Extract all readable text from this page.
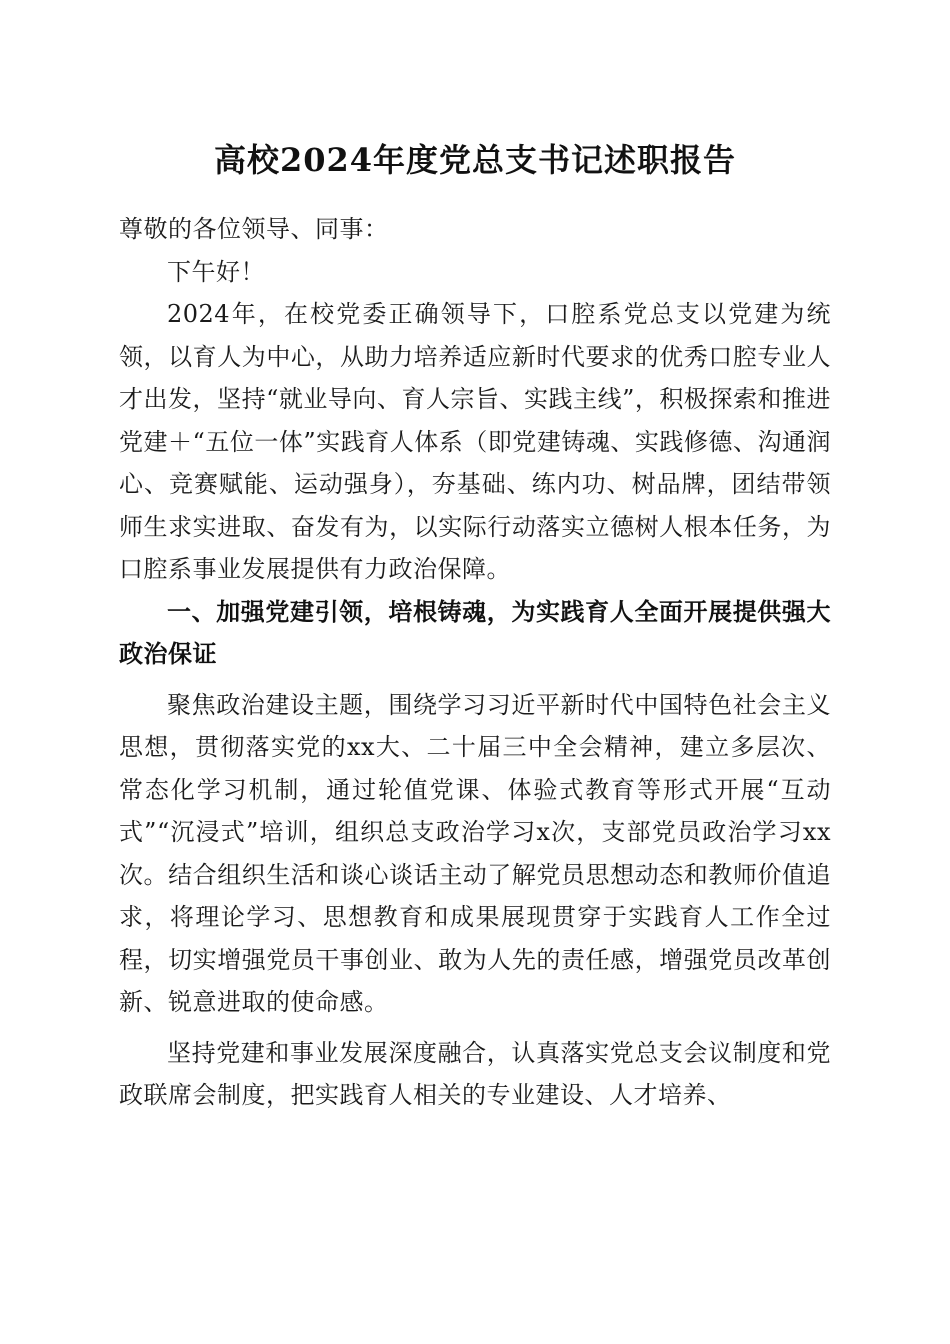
高校2024年度党总支书记述职报告

尊敬的各位领导、同事：

下午好！

2024年，在校党委正确领导下，口腔系党总支以党建为统领，以育人为中心，从助力培养适应新时代要求的优秀口腔专业人才出发，坚持“就业导向、育人宗旨、实践主线”，积极探索和推进党建＋“五位一体”实践育人体系（即党建铸魂、实践修德、沟通润心、竞赛赋能、运动强身），夯基础、练内功、树品牌，团结带领师生求实进取、奋发有为，以实际行动落实立德树人根本任务，为口腔系事业发展提供有力政治保障。

一、加强党建引领，培根铸魂，为实践育人全面开展提供强大政治保证

聚焦政治建设主题，围绕学习习近平新时代中国特色社会主义思想，贯彻落实党的xx大、二十届三中全会精神，建立多层次、常态化学习机制，通过轮值党课、体验式教育等形式开展“互动式”“沉浸式”培训，组织总支政治学习x次，支部党员政治学习xx次。结合组织生活和谈心谈话主动了解党员思想动态和教师价值追求，将理论学习、思想教育和成果展现贯穿于实践育人工作全过程，切实增强党员干事创业、敢为人先的责任感，增强党员改革创新、锐意进取的使命感。

坚持党建和事业发展深度融合，认真落实党总支会议制度和党政联席会制度，把实践育人相关的专业建设、人才培养、
